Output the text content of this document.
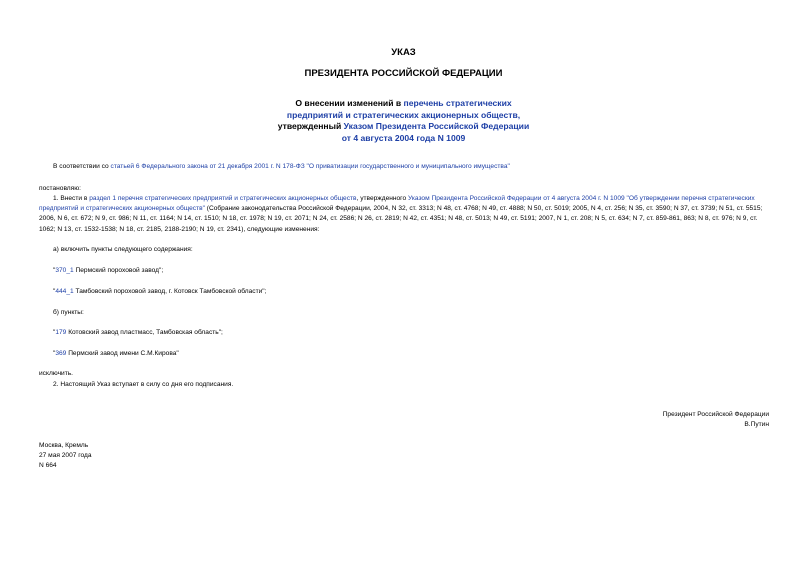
УКАЗ
ПРЕЗИДЕНТА РОССИЙСКОЙ ФЕДЕРАЦИИ
О внесении изменений в перечень стратегических
предприятий и стратегических акционерных обществ,
утвержденный Указом Президента Российской Федерации
от 4 августа 2004 года N 1009
В соответствии со статьей 6 Федерального закона от 21 декабря 2001 г. N 178-ФЗ "О приватизации государственного и муниципального имущества"
постановляю:
1. Внести в раздел 1 перечня стратегических предприятий и стратегических акционерных обществ, утвержденного Указом Президента Российской Федерации от 4 августа 2004 г. N 1009 "Об утверждении перечня стратегических предприятий и стратегических акционерных обществ" (Собрание законодательства Российской Федерации, 2004, N 32, ст. 3313; N 48, ст. 4768; N 49, ст. 4888; N 50, ст. 5019; 2005, N 4, ст. 256; N 35, ст. 3590; N 37, ст. 3739; N 51, ст. 5515; 2006, N 6, ст. 672; N 9, ст. 986; N 11, ст. 1164; N 14, ст. 1510; N 18, ст. 1978; N 19, ст. 2071; N 24, ст. 2586; N 26, ст. 2819; N 42, ст. 4351; N 48, ст. 5013; N 49, ст. 5191; 2007, N 1, ст. 208; N 5, ст. 634; N 7, ст. 859-861, 863; N 8, ст. 976; N 9, ст. 1062; N 13, ст. 1532-1538; N 18, ст. 2185, 2188-2190; N 19, ст. 2341), следующие изменения:
а) включить пункты следующего содержания:
"370_1 Пермский пороховой завод";
"444_1 Тамбовский пороховой завод, г. Котовск Тамбовской области";
б) пункты:
"179 Котовский завод пластмасс, Тамбовская область";
"369 Пермский завод имени С.М.Кирова"
исключить.
2. Настоящий Указ вступает в силу со дня его подписания.
Президент Российской Федерации
В.Путин
Москва, Кремль
27 мая 2007 года
N 664
